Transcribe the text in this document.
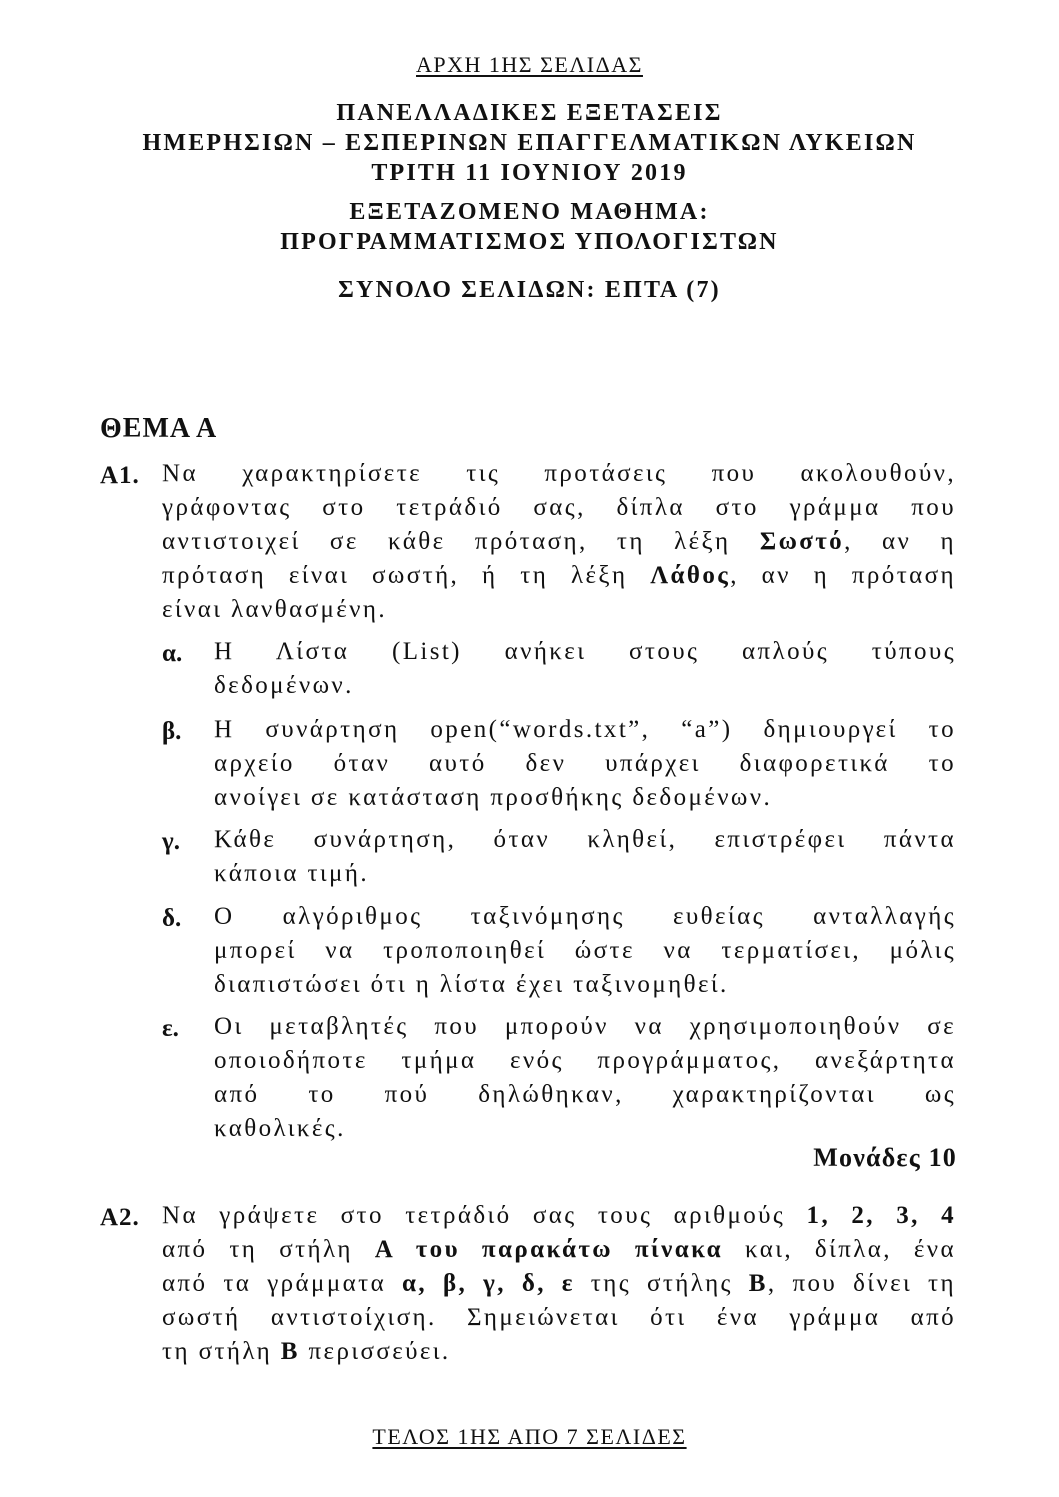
ΑΡΧΗ 1ΗΣ ΣΕΛΙΔΑΣ
ΠΑΝΕΛΛΑΔΙΚΕΣ ΕΞΕΤΑΣΕΙΣ
ΗΜΕΡΗΣΙΩΝ – ΕΣΠΕΡΙΝΩΝ ΕΠΑΓΓΕΛΜΑΤΙΚΩΝ ΛΥΚΕΙΩΝ
ΤΡΙΤΗ 11 ΙΟΥΝΙΟΥ 2019
ΕΞΕΤΑΖΟΜΕΝΟ ΜΑΘΗΜΑ:
ΠΡΟΓΡΑΜΜΑΤΙΣΜΟΣ ΥΠΟΛΟΓΙΣΤΩΝ
ΣΥΝΟΛΟ ΣΕΛΙΔΩΝ: ΕΠΤΑ (7)
ΘΕΜΑ Α
Α1. Να χαρακτηρίσετε τις προτάσεις που ακολουθούν,
γράφοντας στο τετράδιό σας, δίπλα στο γράμμα που
αντιστοιχεί σε κάθε πρόταση, τη λέξη Σωστό, αν η
πρόταση είναι σωστή, ή τη λέξη Λάθος, αν η πρόταση
είναι λανθασμένη.
α. Η Λίστα (List) ανήκει στους απλούς τύπους
δεδομένων.
β. Η συνάρτηση open(“words.txt”, “a”) δημιουργεί το
αρχείο όταν αυτό δεν υπάρχει διαφορετικά το
ανοίγει σε κατάσταση προσθήκης δεδομένων.
γ. Κάθε συνάρτηση, όταν κληθεί, επιστρέφει πάντα
κάποια τιμή.
δ. Ο αλγόριθμος ταξινόμησης ευθείας ανταλλαγής
μπορεί να τροποποιηθεί ώστε να τερματίσει, μόλις
διαπιστώσει ότι η λίστα έχει ταξινομηθεί.
ε. Οι μεταβλητές που μπορούν να χρησιμοποιηθούν σε
οποιοδήποτε τμήμα ενός προγράμματος, ανεξάρτητα
από το πού δηλώθηκαν, χαρακτηρίζονται ως
καθολικές.
Μονάδες 10
Α2. Να γράψετε στο τετράδιό σας τους αριθμούς 1, 2, 3, 4
από τη στήλη Α του παρακάτω πίνακα και, δίπλα, ένα
από τα γράμματα α, β, γ, δ, ε της στήλης Β, που δίνει τη
σωστή αντιστοίχιση. Σημειώνεται ότι ένα γράμμα από
τη στήλη Β περισσεύει.
ΤΕΛΟΣ 1ΗΣ ΑΠΟ 7 ΣΕΛΙΔΕΣ
